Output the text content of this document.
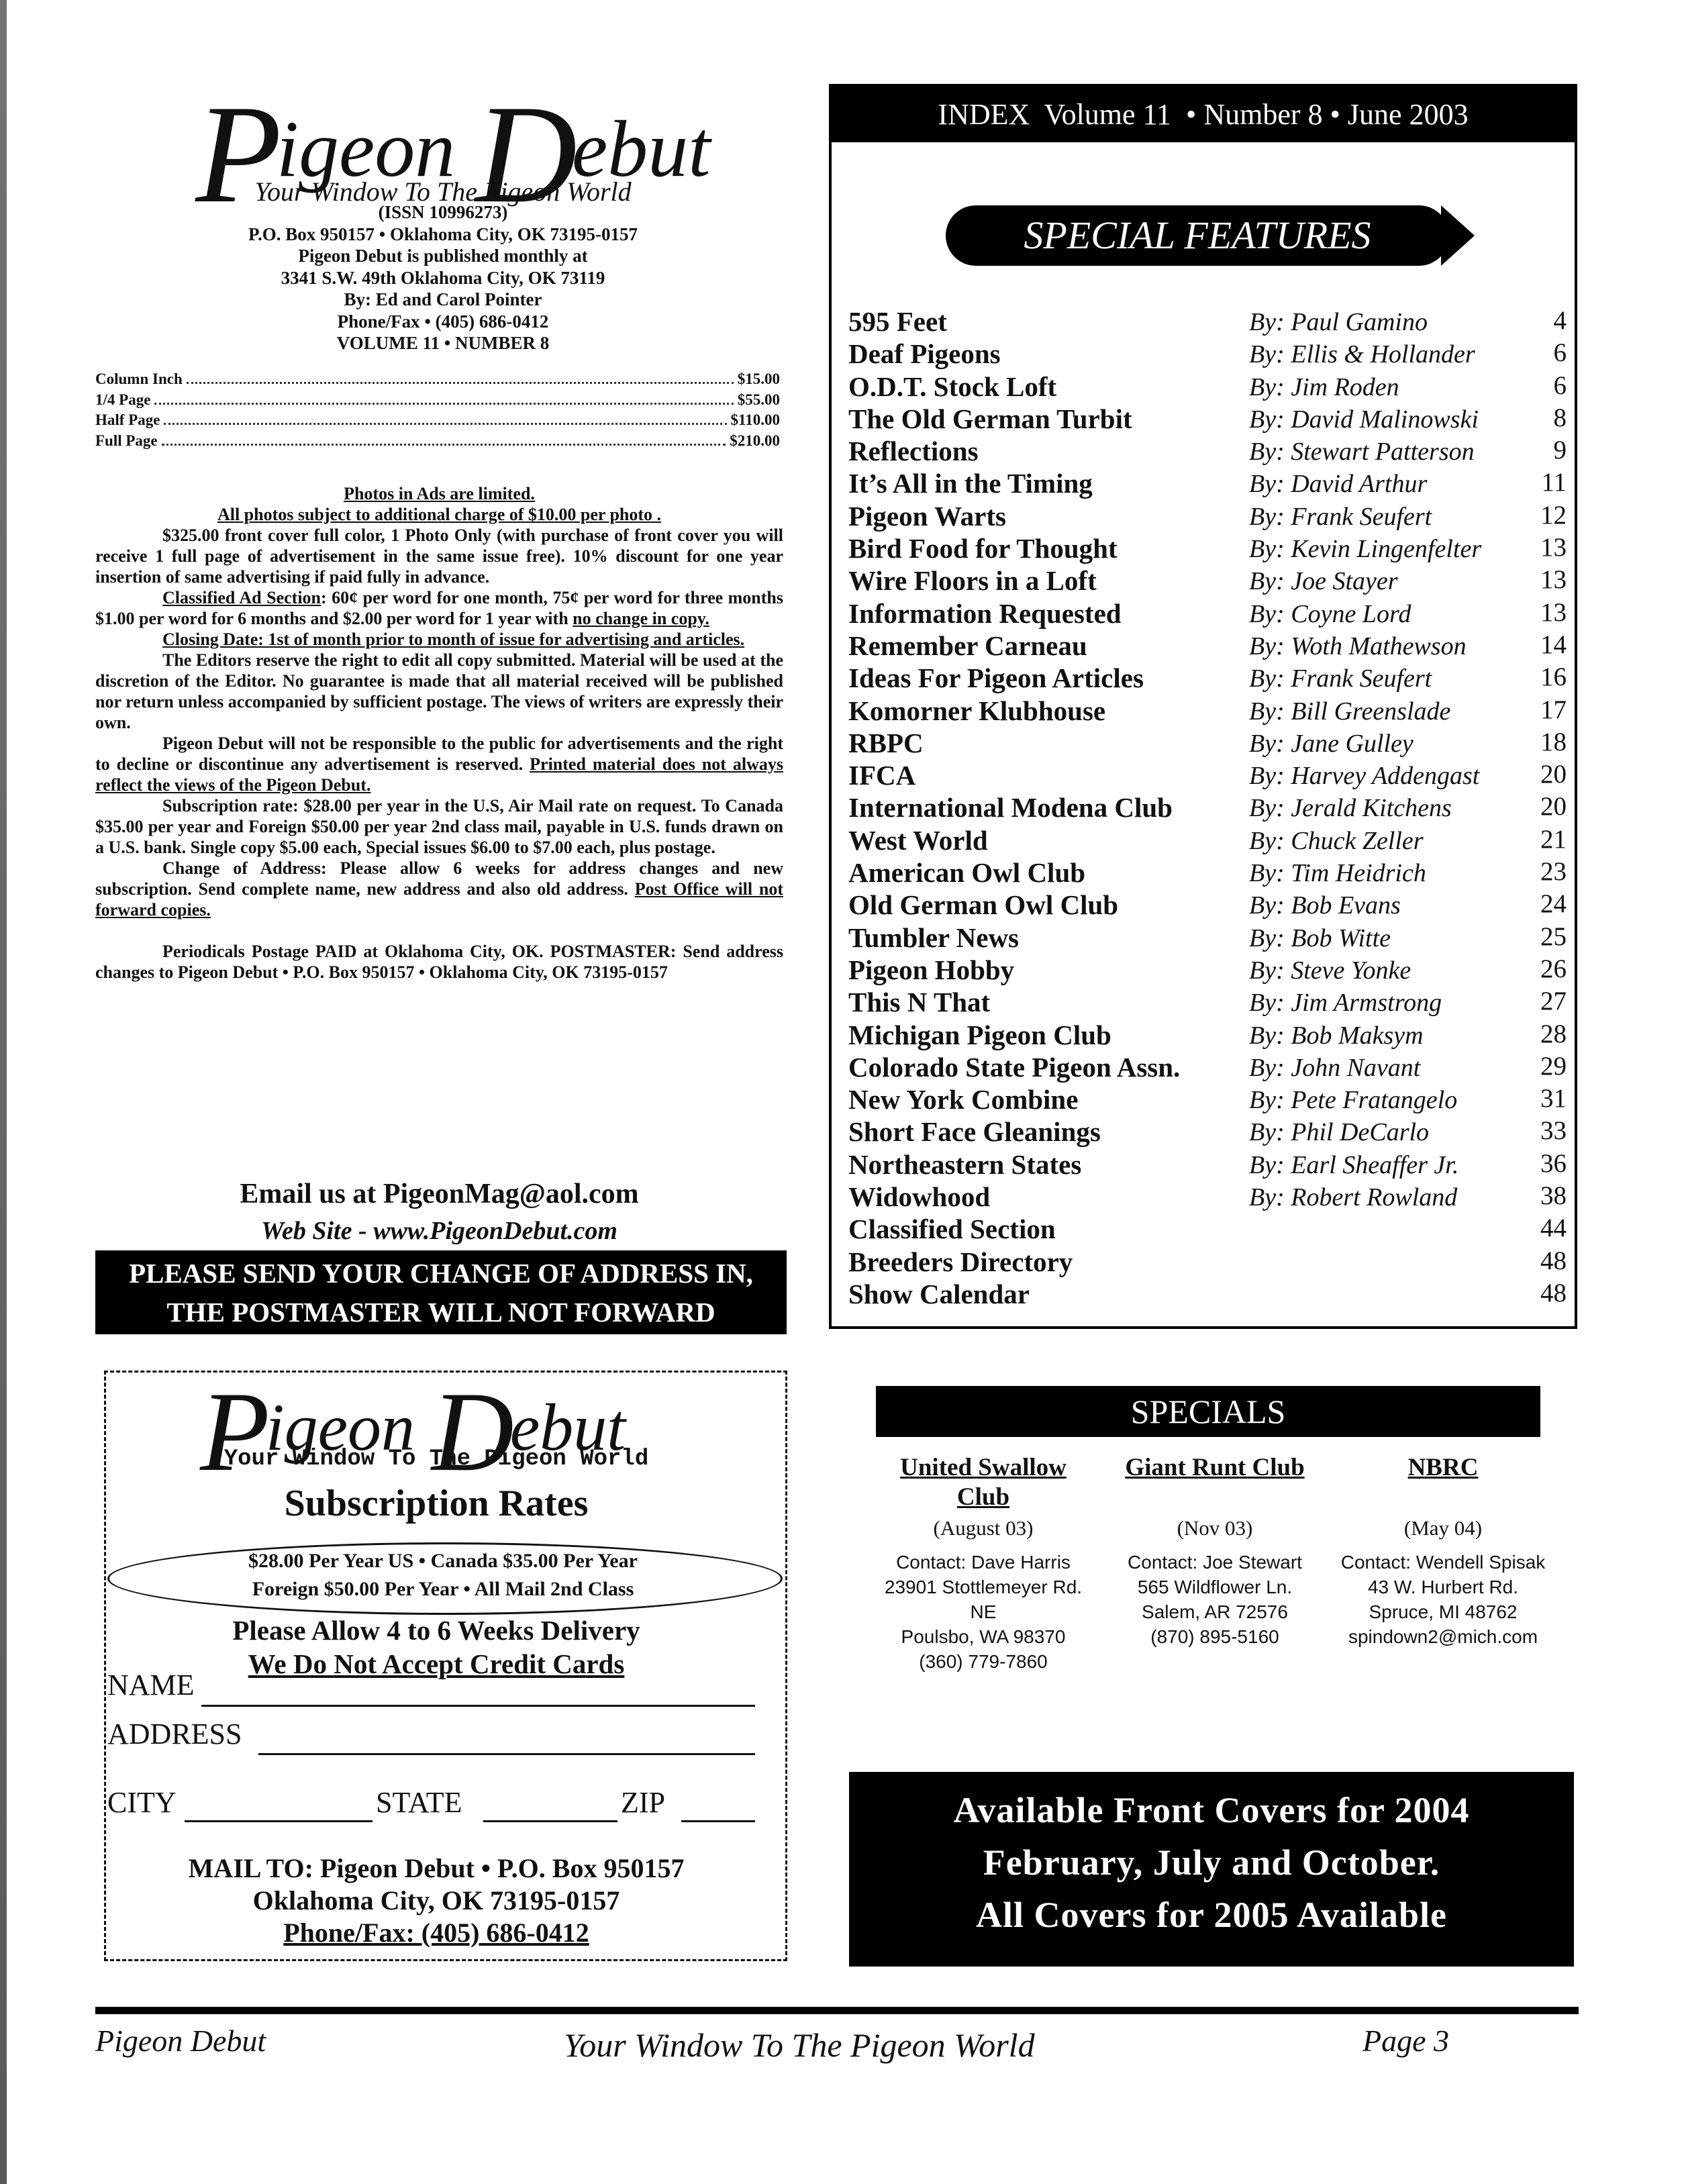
Pigeon Debut
Your Window To The Pigeon World
(ISSN 10996273)
P.O. Box 950157 • Oklahoma City, OK 73195-0157
Pigeon Debut is published monthly at
3341 S.W. 49th Oklahoma City, OK 73119
By: Ed and Carol Pointer
Phone/Fax • (405) 686-0412
VOLUME 11 • NUMBER 8
Column Inch	$15.00
1/4 Page	$55.00
Half Page	$110.00
Full Page	$210.00

Photos in Ads are limited.

All photos subject to additional charge of $10.00 per photo .

$325.00 front cover full color, 1 Photo Only (with purchase of front cover you will receive 1 full page of advertisement in the same issue free). 10% discount for one year insertion of same advertising if paid fully in advance.

Classified Ad Section: 60¢ per word for one month, 75¢ per word for three months $1.00 per word for 6 months and $2.00 per word for 1 year with no change in copy.

Closing Date: 1st of month prior to month of issue for advertising and articles.

The Editors reserve the right to edit all copy submitted. Material will be used at the discretion of the Editor. No guarantee is made that all material received will be published nor return unless accompanied by sufficient postage. The views of writers are expressly their own.

Pigeon Debut will not be responsible to the public for advertisements and the right to decline or discontinue any advertisement is reserved. Printed material does not always reflect the views of the Pigeon Debut.

Subscription rate: $28.00 per year in the U.S, Air Mail rate on request. To Canada $35.00 per year and Foreign $50.00 per year 2nd class mail, payable in U.S. funds drawn on a U.S. bank. Single copy $5.00 each, Special issues $6.00 to $7.00 each, plus postage.

Change of Address: Please allow 6 weeks for address changes and new subscription. Send complete name, new address and also old address. Post Office will not forward copies.

Periodicals Postage PAID at Oklahoma City, OK. POSTMASTER: Send address changes to Pigeon Debut • P.O. Box 950157 • Oklahoma City, OK 73195-0157

Email us at PigeonMag@aol.com
Web Site - www.PigeonDebut.com
PLEASE SEND YOUR CHANGE OF ADDRESS IN,
THE POSTMASTER WILL NOT FORWARD
INDEX  Volume 11  • Number 8 • June 2003
SPECIAL FEATURES
595 Feet	By: Paul Gamino	4
Deaf Pigeons	By: Ellis & Hollander	6
O.D.T. Stock Loft	By: Jim Roden	6
The Old German Turbit	By: David Malinowski	8
Reflections	By: Stewart Patterson	9
It’s All in the Timing	By: David Arthur	11
Pigeon Warts	By: Frank Seufert	12
Bird Food for Thought	By: Kevin Lingenfelter	13
Wire Floors in a Loft	By: Joe Stayer	13
Information Requested	By: Coyne Lord	13
Remember Carneau	By: Woth Mathewson	14
Ideas For Pigeon Articles	By: Frank Seufert	16
Komorner Klubhouse	By: Bill Greenslade	17
RBPC	By: Jane Gulley	18
IFCA	By: Harvey Addengast	20
International Modena Club	By: Jerald Kitchens	20
West World	By: Chuck Zeller	21
American Owl Club	By: Tim Heidrich	23
Old German Owl Club	By: Bob Evans	24
Tumbler News	By: Bob Witte	25
Pigeon Hobby	By: Steve Yonke	26
This N That	By: Jim Armstrong	27
Michigan Pigeon Club	By: Bob Maksym	28
Colorado State Pigeon Assn.	By: John Navant	29
New York Combine	By: Pete Fratangelo	31
Short Face Gleanings	By: Phil DeCarlo	33
Northeastern States	By: Earl Sheaffer Jr.	36
Widowhood	By: Robert Rowland	38
Classified Section	44
Breeders Directory	48
Show Calendar	48
Pigeon Debut
Your Window To The Pigeon World
Subscription Rates
$28.00 Per Year US • Canada $35.00 Per Year
Foreign $50.00 Per Year • All Mail 2nd Class
Please Allow 4 to 6 Weeks Delivery
We Do Not Accept Credit Cards
NAME
ADDRESS
CITY	STATE	ZIP
MAIL TO: Pigeon Debut • P.O. Box 950157
Oklahoma City, OK 73195-0157
Phone/Fax: (405) 686-0412
SPECIALS
United Swallow Club
(August 03)
Contact: Dave Harris
23901 Stottlemeyer Rd. NE
Poulsbo, WA 98370
(360) 779-7860
Giant Runt Club
(Nov 03)
Contact: Joe Stewart
565 Wildflower Ln.
Salem, AR 72576
(870) 895-5160
NBRC
(May 04)
Contact: Wendell Spisak
43 W. Hurbert Rd.
Spruce, MI 48762
spindown2@mich.com
Available Front Covers for 2004
February, July and October.
All Covers for 2005 Available
Pigeon Debut	Your Window To The Pigeon World	Page 3
